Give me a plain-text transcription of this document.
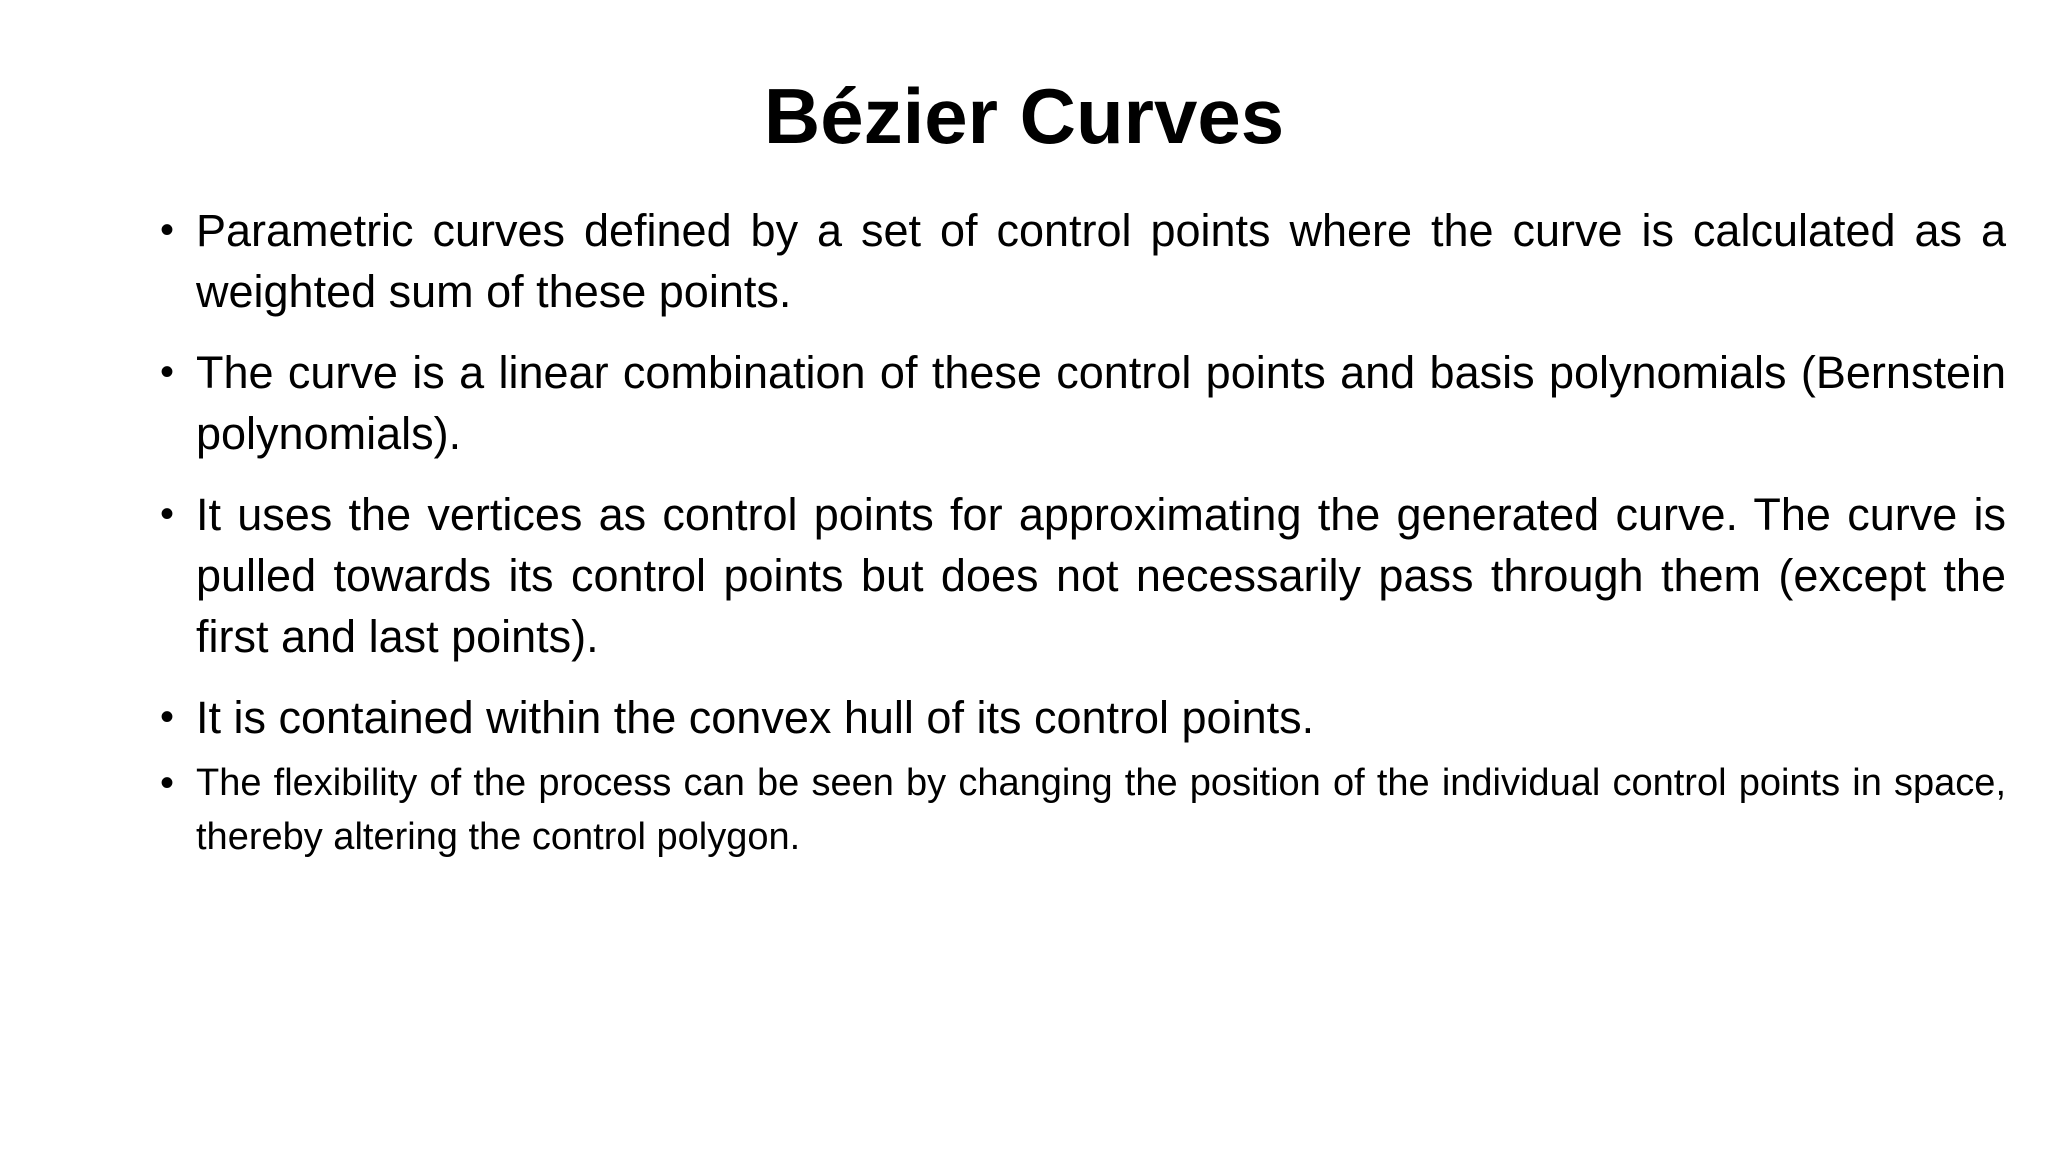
Bézier Curves
• Parametric curves defined by a set of control points where the curve is calculated as a weighted sum of these points.
• The curve is a linear combination of these control points and basis polynomials (Bernstein polynomials).
• It uses the vertices as control points for approximating the generated curve. The curve is pulled towards its control points but does not necessarily pass through them (except the first and last points).
• It is contained within the convex hull of its control points.
• The flexibility of the process can be seen by changing the position of the individual control points in space, thereby altering the control polygon.
